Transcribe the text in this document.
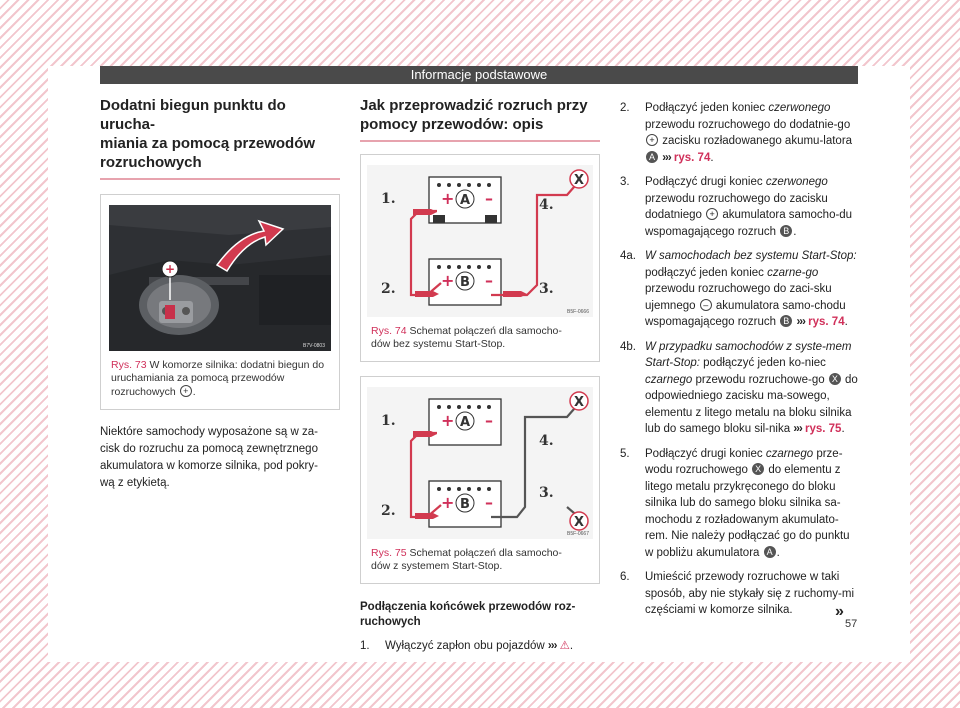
Informacje podstawowe
Dodatni biegun punktu do urucha-
miania za pomocą przewodów
rozruchowych
+
B7V-0803
Rys. 73 W komorze silnika: dodatni biegun do uruchamiania za pomocą przewodów rozruchowych + .
Niektóre samochody wyposażone są w za-
cisk do rozruchu za pomocą zewnętrznego
akumulatora w komorze silnika, pod pokry-
wą z etykietą.
Jak przeprowadzić rozruch przy
pomocy przewodów: opis
+ –
A
+ –
B
X
1.
2.	3.
4.
B5F-0666
Rys. 74 Schemat połączeń dla samocho-
dów bez systemu Start-Stop.
+ –
A
+ –
B
X
X
1.
2.
3.
4.
B5F-0667
Rys. 75 Schemat połączeń dla samocho-
dów z systemem Start-Stop.
Podłączenia końcówek przewodów roz-
ruchowych
1. Wyłączyć zapłon obu pojazdów ››› ⚠.
2. Podłączyć jeden koniec czerwonego przewodu rozruchowego do dodatnie-go + zacisku rozładowanego akumu-latora A ››› rys. 74.
3. Podłączyć drugi koniec czerwonego przewodu rozruchowego do zacisku dodatniego + akumulatora samocho-du wspomagającego rozruch B .
4a. W samochodach bez systemu Start-Stop: podłączyć jeden koniec czarne-go przewodu rozruchowego do zaci-sku ujemnego – akumulatora samo-chodu wspomagającego rozruch B ››› rys. 74.
4b. W przypadku samochodów z syste-mem Start-Stop: podłączyć jeden ko-niec czarnego przewodu rozruchowe-go X do odpowiedniego zacisku ma-sowego, elementu z litego metalu na bloku silnika lub do samego bloku sil-nika ››› rys. 75.
5. Podłączyć drugi koniec czarnego prze-wodu rozruchowego X do elementu z litego metalu przykręconego do bloku silnika lub do samego bloku silnika sa-mochodu z rozładowanym akumulato-rem. Nie należy podłączać go do punktu w pobliżu akumulatora A .
6. Umieścić przewody rozruchowe w taki sposób, aby nie stykały się z ruchomy-mi częściami w komorze silnika.	»
57
